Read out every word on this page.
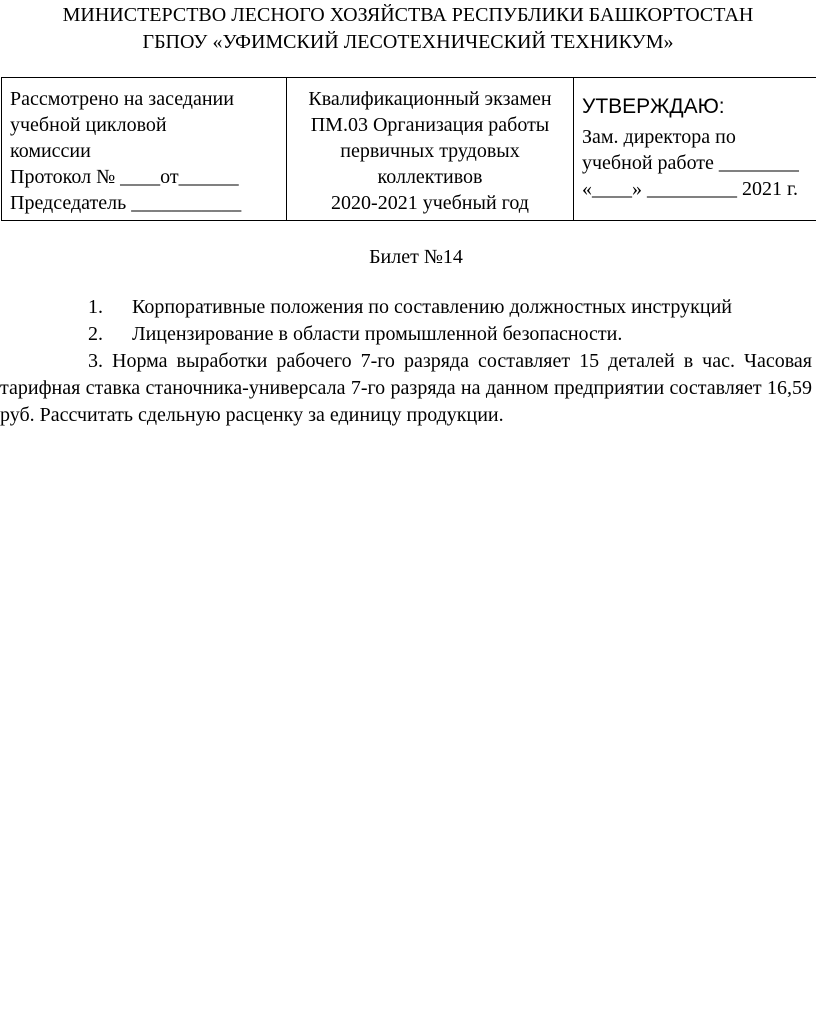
МИНИСТЕРСТВО ЛЕСНОГО ХОЗЯЙСТВА РЕСПУБЛИКИ БАШКОРТОСТАН
ГБПОУ «УФИМСКИЙ ЛЕСОТЕХНИЧЕСКИЙ ТЕХНИКУМ»
Рассмотрено на заседании
учебной цикловой
комиссии
Протокол № ____от______
Председатель ___________
Квалификационный экзамен
ПМ.03 Организация работы
первичных трудовых
коллективов
2020-2021 учебный год
УТВЕРЖДАЮ:
Зам. директора по
учебной работе ________
«____» _________ 2021 г.
Билет №14
1. Корпоративные положения по составлению должностных инструкций
2. Лицензирование в области промышленной безопасности.
3. Норма выработки рабочего 7-го разряда составляет 15 деталей в час. Часовая тарифная ставка станочника-универсала 7-го разряда на данном предприятии составляет 16,59 руб. Рассчитать сдельную расценку за единицу продукции.
